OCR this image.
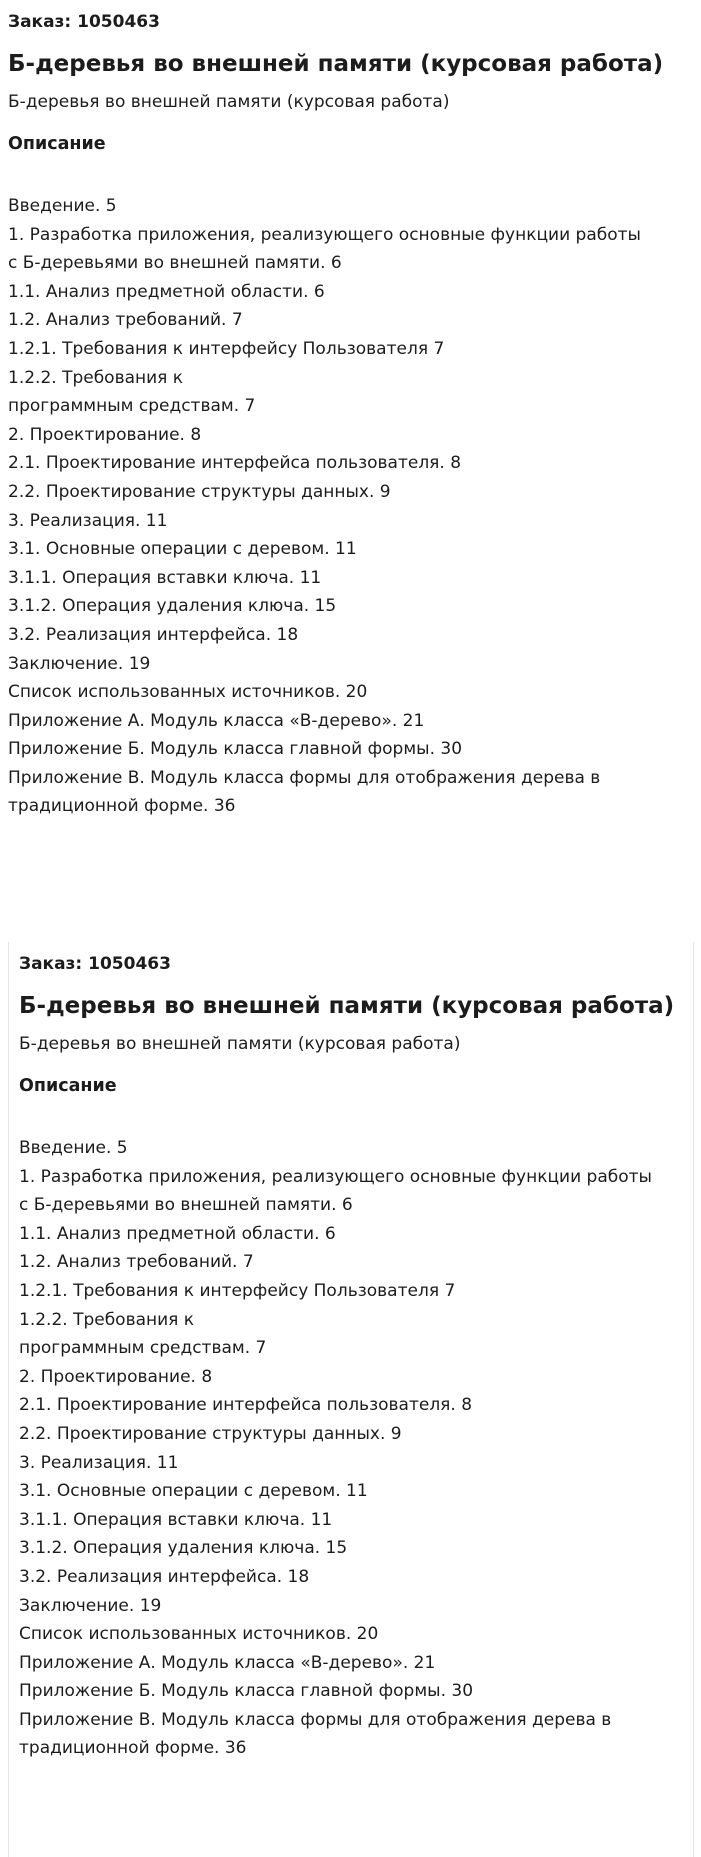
Заказ: 1050463

Б-деревья во внешней памяти (курсовая работа)

Б-деревья во внешней памяти (курсовая работа)

Описание
Введение. 5
1. Разработка приложения, реализующего основные функции работы
с Б-деревьями во внешней памяти. 6
1.1. Анализ предметной области. 6
1.2. Анализ требований. 7
1.2.1. Требования к интерфейсу Пользователя 7
1.2.2. Требования к
программным средствам. 7
2. Проектирование. 8
2.1. Проектирование интерфейса пользователя. 8
2.2. Проектирование структуры данных. 9
3. Реализация. 11
3.1. Основные операции с деревом. 11
3.1.1. Операция вставки ключа. 11
3.1.2. Операция удаления ключа. 15
3.2. Реализация интерфейса. 18
Заключение. 19
Список использованных источников. 20
Приложение А. Модуль класса «B-дерево». 21
Приложение Б. Модуль класса главной формы. 30
Приложение В. Модуль класса формы для отображения дерева в
традиционной форме. 36

Заказ: 1050463

Б-деревья во внешней памяти (курсовая работа)

Б-деревья во внешней памяти (курсовая работа)

Описание
Введение. 5
1. Разработка приложения, реализующего основные функции работы
с Б-деревьями во внешней памяти. 6
1.1. Анализ предметной области. 6
1.2. Анализ требований. 7
1.2.1. Требования к интерфейсу Пользователя 7
1.2.2. Требования к
программным средствам. 7
2. Проектирование. 8
2.1. Проектирование интерфейса пользователя. 8
2.2. Проектирование структуры данных. 9
3. Реализация. 11
3.1. Основные операции с деревом. 11
3.1.1. Операция вставки ключа. 11
3.1.2. Операция удаления ключа. 15
3.2. Реализация интерфейса. 18
Заключение. 19
Список использованных источников. 20
Приложение А. Модуль класса «B-дерево». 21
Приложение Б. Модуль класса главной формы. 30
Приложение В. Модуль класса формы для отображения дерева в
традиционной форме. 36
